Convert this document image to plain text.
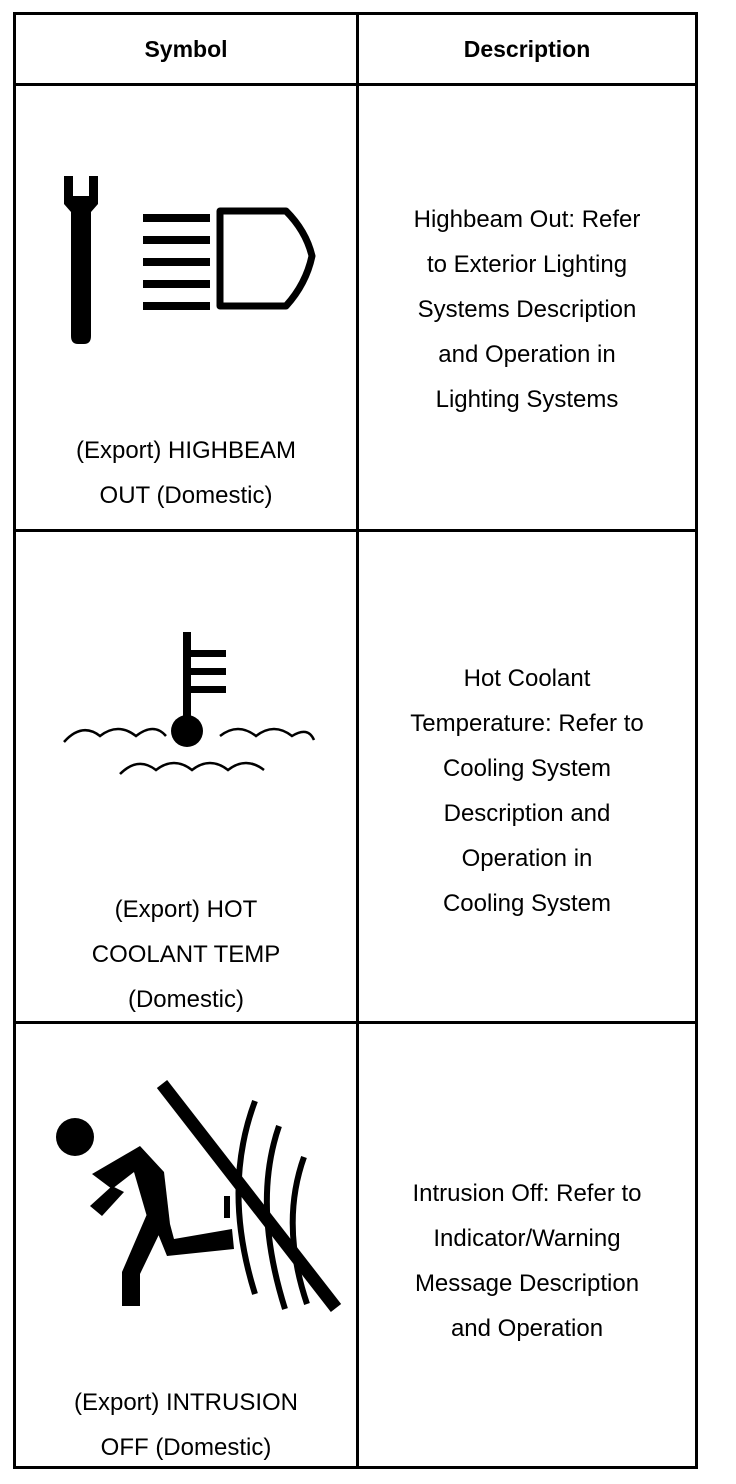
Symbol	Description
(Export) HIGHBEAM
OUT (Domestic)
Highbeam Out: Refer
to Exterior Lighting
Systems Description
and Operation in
Lighting Systems
(Export) HOT
COOLANT TEMP
(Domestic)
Hot Coolant
Temperature: Refer to
Cooling System
Description and
Operation in
Cooling System
(Export) INTRUSION
OFF (Domestic)
Intrusion Off: Refer to
Indicator/Warning
Message Description
and Operation
